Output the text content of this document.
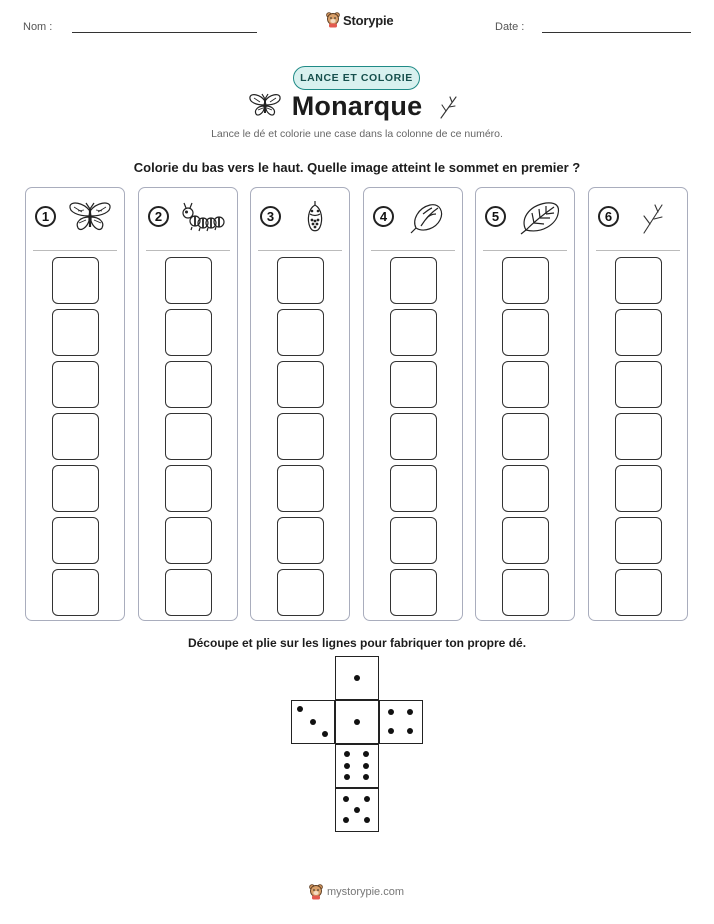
Nom :	Storypie	Date :
LANCE ET COLORIE
Monarque
Lance le dé et colorie une case dans la colonne de ce numéro.
Colorie du bas vers le haut. Quelle image atteint le sommet en premier ?
1	2	3	4	5	6
Découpe et plie sur les lignes pour fabriquer ton propre dé.
mystorypie.com
